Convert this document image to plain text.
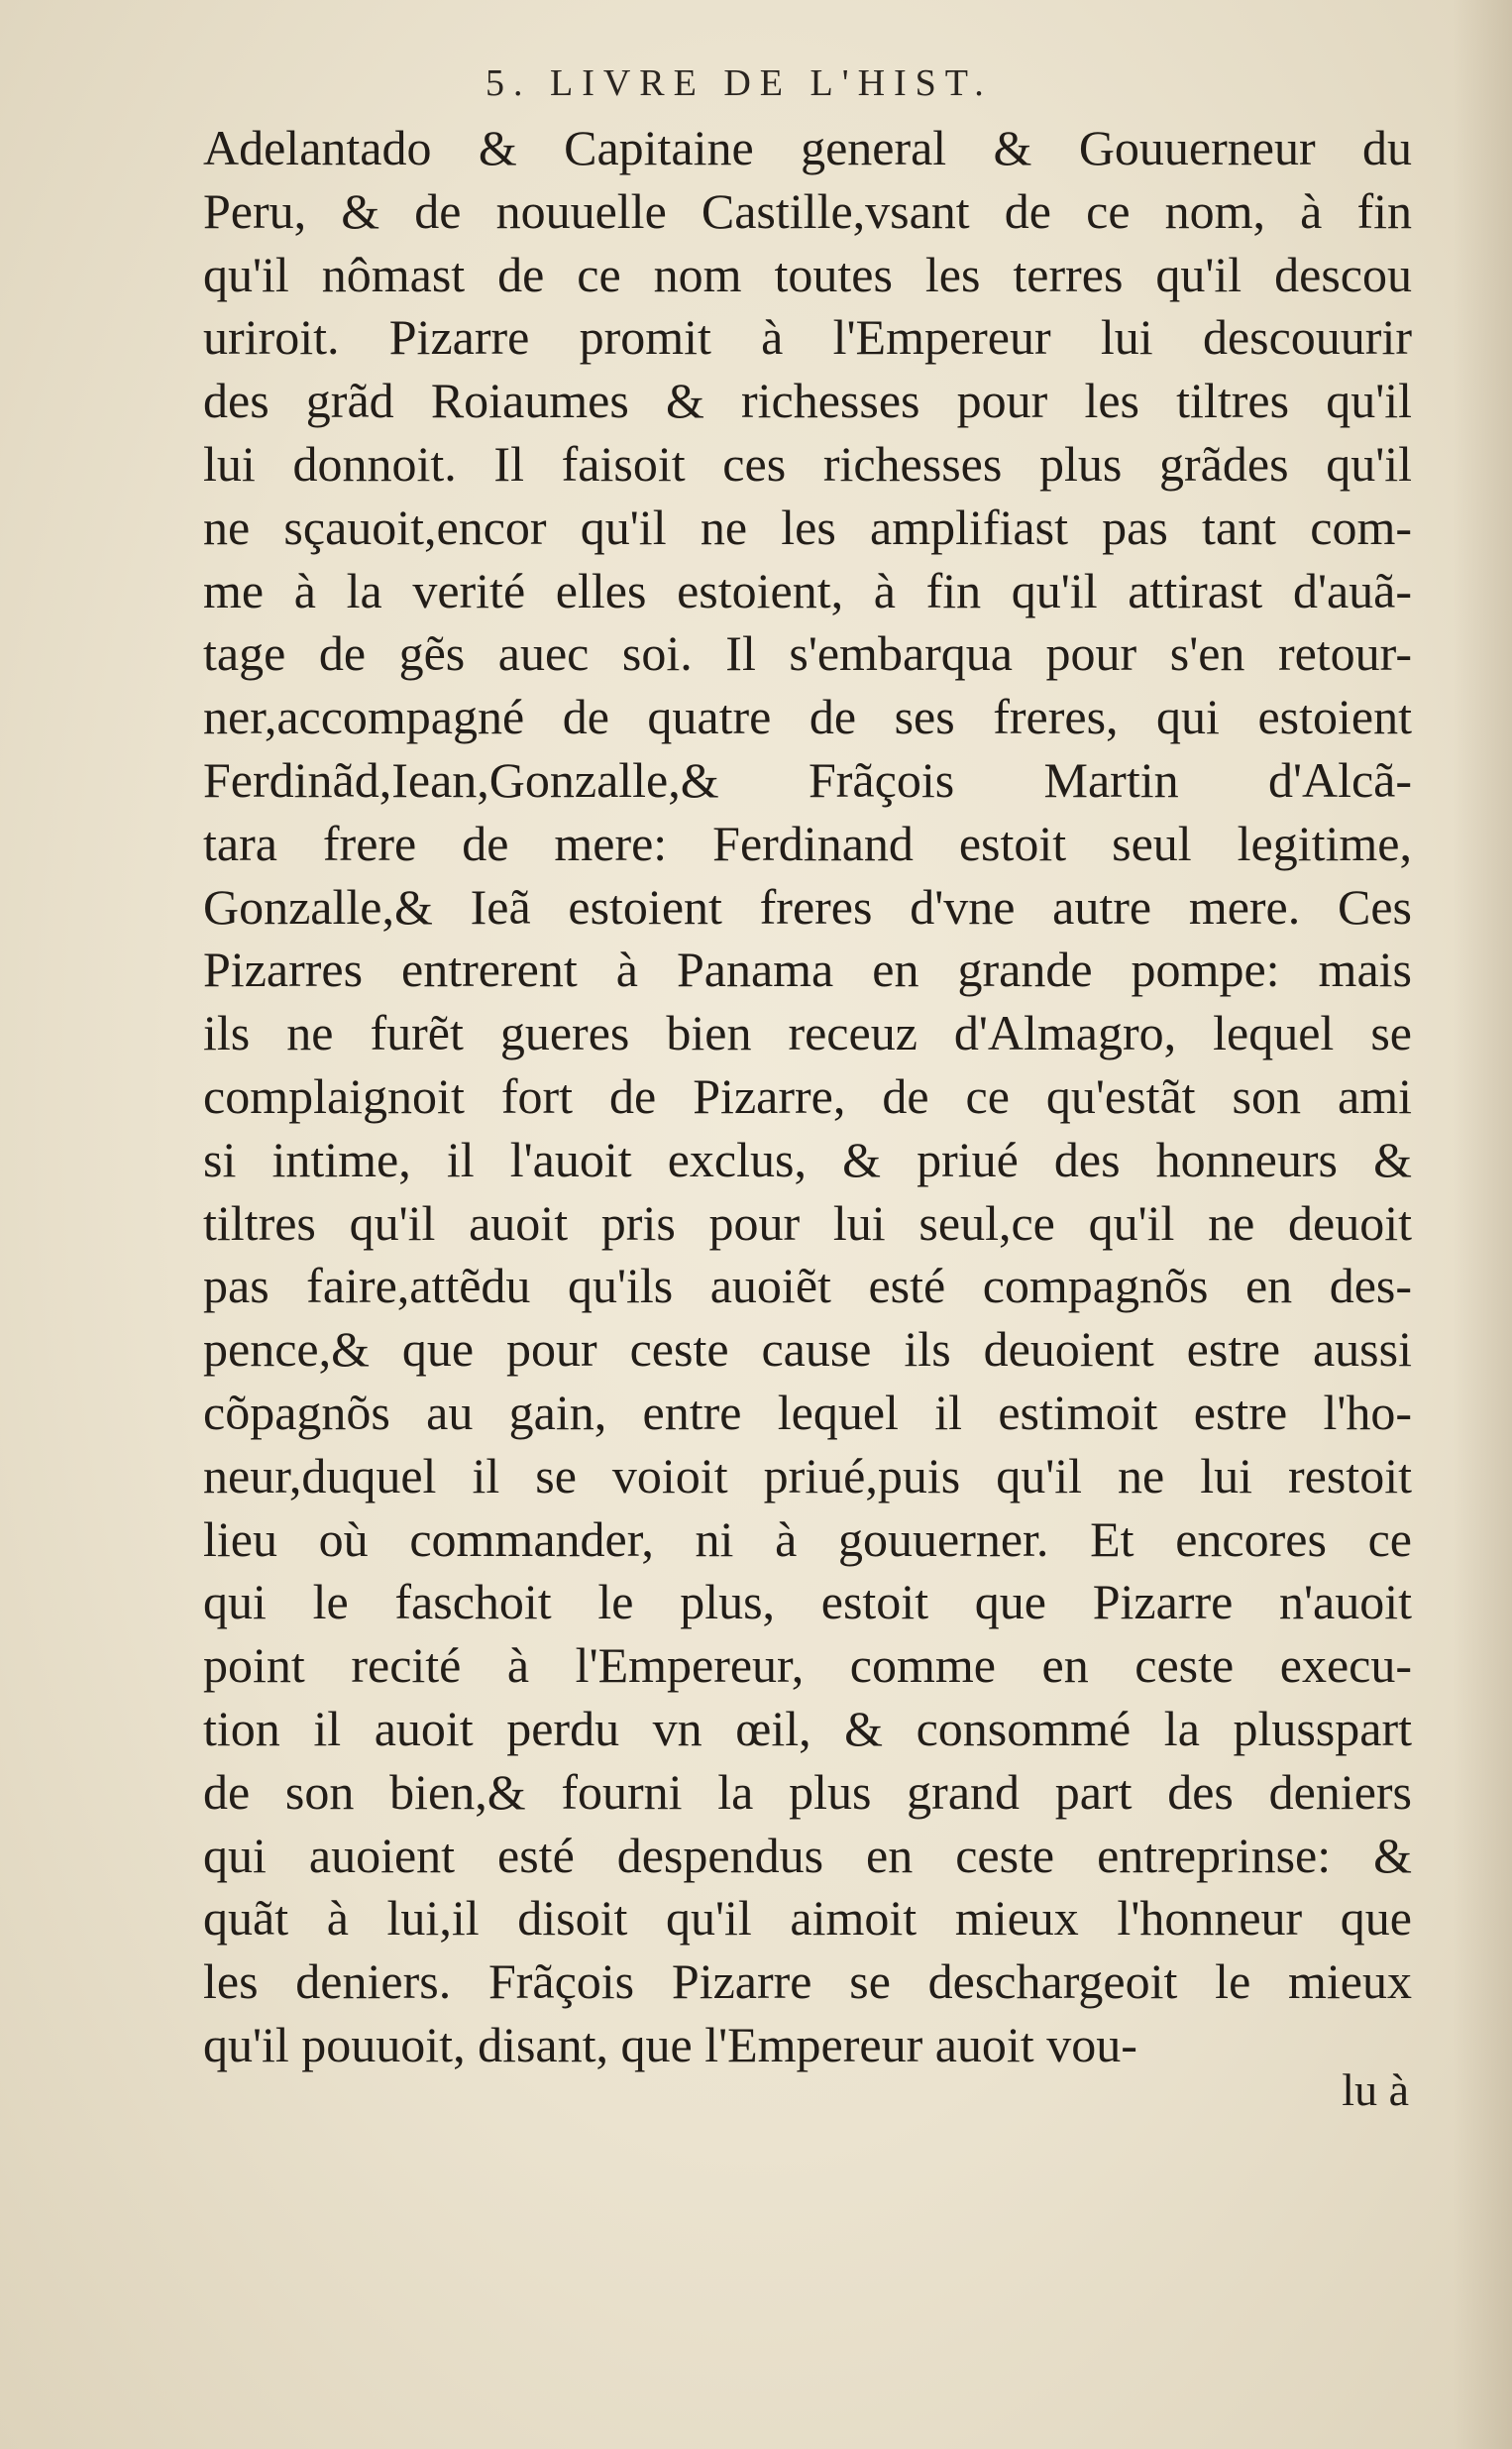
5. LIVRE DE L'HIST.
Adelantado & Capitaine general & Gouuerneur du
Peru, & de nouuelle Castille,vsant de ce nom, à fin
qu'il nômast de ce nom toutes les terres qu'il descou
uriroit. Pizarre promit à l'Empereur lui descouurir
des grãd Roiaumes & richesses pour les tiltres qu'il
lui donnoit. Il faisoit ces richesses plus grãdes qu'il
ne sçauoit,encor qu'il ne les amplifiast pas tant com-
me à la verité elles estoient, à fin qu'il attirast d'auã-
tage de gẽs auec soi. Il s'embarqua pour s'en retour-
ner,accompagné de quatre de ses freres, qui estoient
Ferdinãd,Iean,Gonzalle,& Frãçois Martin d'Alcã-
tara frere de mere: Ferdinand estoit seul legitime,
Gonzalle,& Ieã estoient freres d'vne autre mere. Ces
Pizarres entrerent à Panama en grande pompe: mais
ils ne furẽt gueres bien receuz d'Almagro, lequel se
complaignoit fort de Pizarre, de ce qu'estãt son ami
si intime, il l'auoit exclus, & priué des honneurs &
tiltres qu'il auoit pris pour lui seul,ce qu'il ne deuoit
pas faire,attẽdu qu'ils auoiẽt esté compagnõs en des-
pence,& que pour ceste cause ils deuoient estre aussi
cõpagnõs au gain, entre lequel il estimoit estre l'ho-
neur,duquel il se voioit priué,puis qu'il ne lui restoit
lieu où commander, ni à gouuerner. Et encores ce
qui le faschoit le plus, estoit que Pizarre n'auoit
point recité à l'Empereur, comme en ceste execu-
tion il auoit perdu vn œil, & consommé la plusspart
de son bien,& fourni la plus grand part des deniers
qui auoient esté despendus en ceste entreprinse: &
quãt à lui,il disoit qu'il aimoit mieux l'honneur que
les deniers. Frãçois Pizarre se deschargeoit le mieux
qu'il pouuoit, disant, que l'Empereur auoit vou-
lu à
